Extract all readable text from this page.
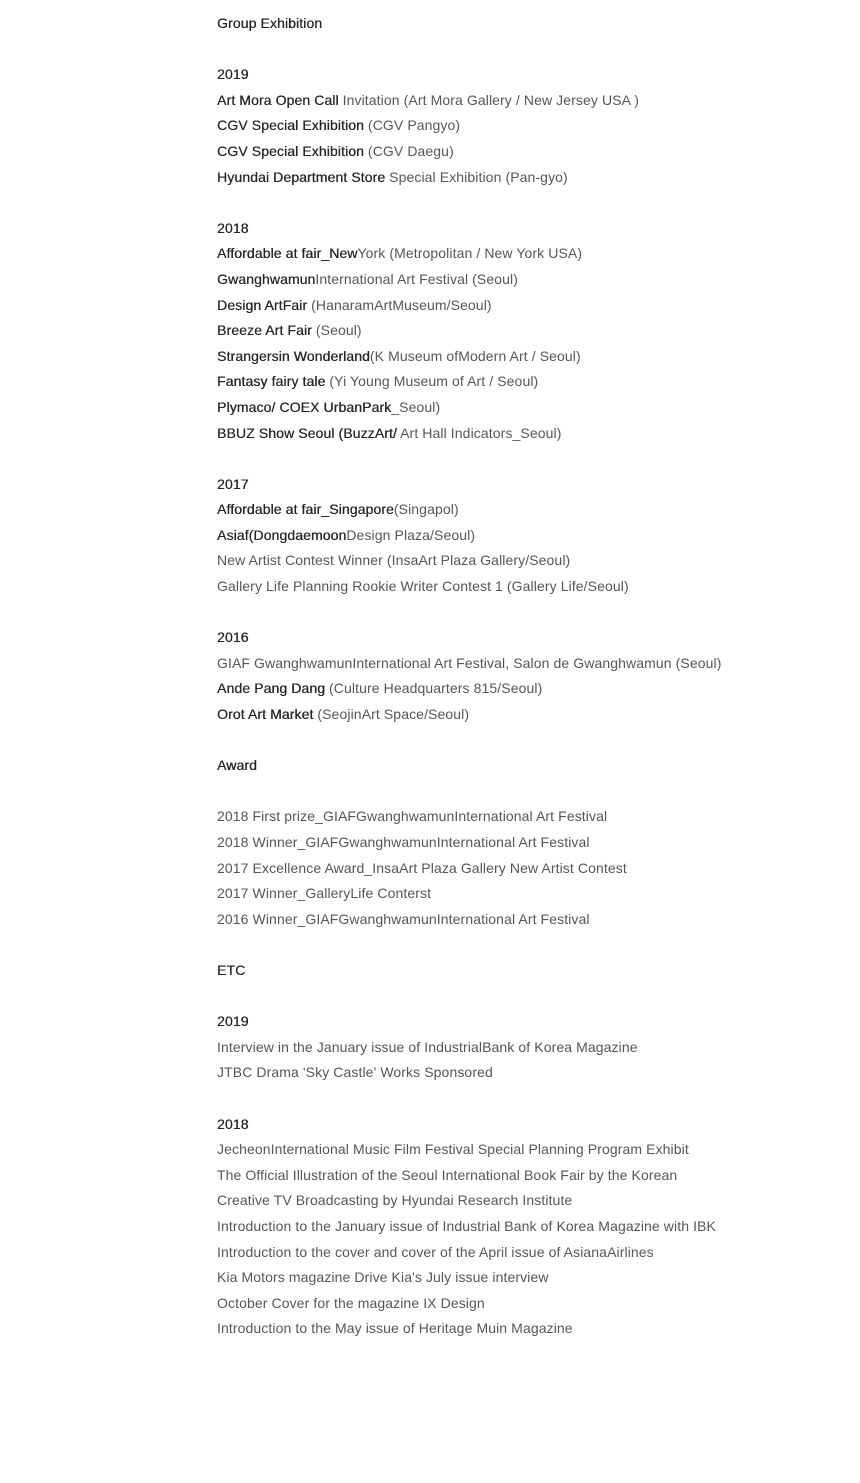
Group Exhibition

2019

Art Mora Open Call Invitation (Art Mora Gallery / New Jersey USA )

CGV Special Exhibition (CGV Pangyo)

CGV Special Exhibition (CGV Daegu)

Hyundai Department Store Special Exhibition (Pan-gyo)

2018

Affordable at fair_NewYork (Metropolitan / New York USA)

GwanghwamunInternational Art Festival (Seoul)

Design ArtFair (HanaramArtMuseum/Seoul)

Breeze Art Fair (Seoul)

Strangersin Wonderland(K Museum ofModern Art / Seoul)

Fantasy fairy tale (Yi Young Museum of Art / Seoul)

Plymaco/ COEX UrbanPark_Seoul)

BBUZ Show Seoul (BuzzArt/ Art Hall Indicators_Seoul)

2017

Affordable at fair_Singapore(Singapol)

Asiaf(DongdaemoonDesign Plaza/Seoul)

New Artist Contest Winner (InsaArt Plaza Gallery/Seoul)

Gallery Life Planning Rookie Writer Contest 1 (Gallery Life/Seoul)

2016

GIAF GwanghwamunInternational Art Festival, Salon de Gwanghwamun (Seoul)

Ande Pang Dang (Culture Headquarters 815/Seoul)

Orot Art Market (SeojinArt Space/Seoul)

Award

2018 First prize_GIAFGwanghwamunInternational Art Festival

2018 Winner_GIAFGwanghwamunInternational Art Festival

2017 Excellence Award_InsaArt Plaza Gallery New Artist Contest

2017 Winner_GalleryLife Conterst

2016 Winner_GIAFGwanghwamunInternational Art Festival

ETC

2019

Interview in the January issue of IndustrialBank of Korea Magazine

JTBC Drama 'Sky Castle' Works Sponsored

2018

JecheonInternational Music Film Festival Special Planning Program Exhibit

The Official Illustration of the Seoul International Book Fair by the Korean

Creative TV Broadcasting by Hyundai Research Institute

Introduction to the January issue of Industrial Bank of Korea Magazine with IBK

Introduction to the cover and cover of the April issue of AsianaAirlines

Kia Motors magazine Drive Kia's July issue interview

October Cover for the magazine IX Design

Introduction to the May issue of Heritage Muin Magazine
